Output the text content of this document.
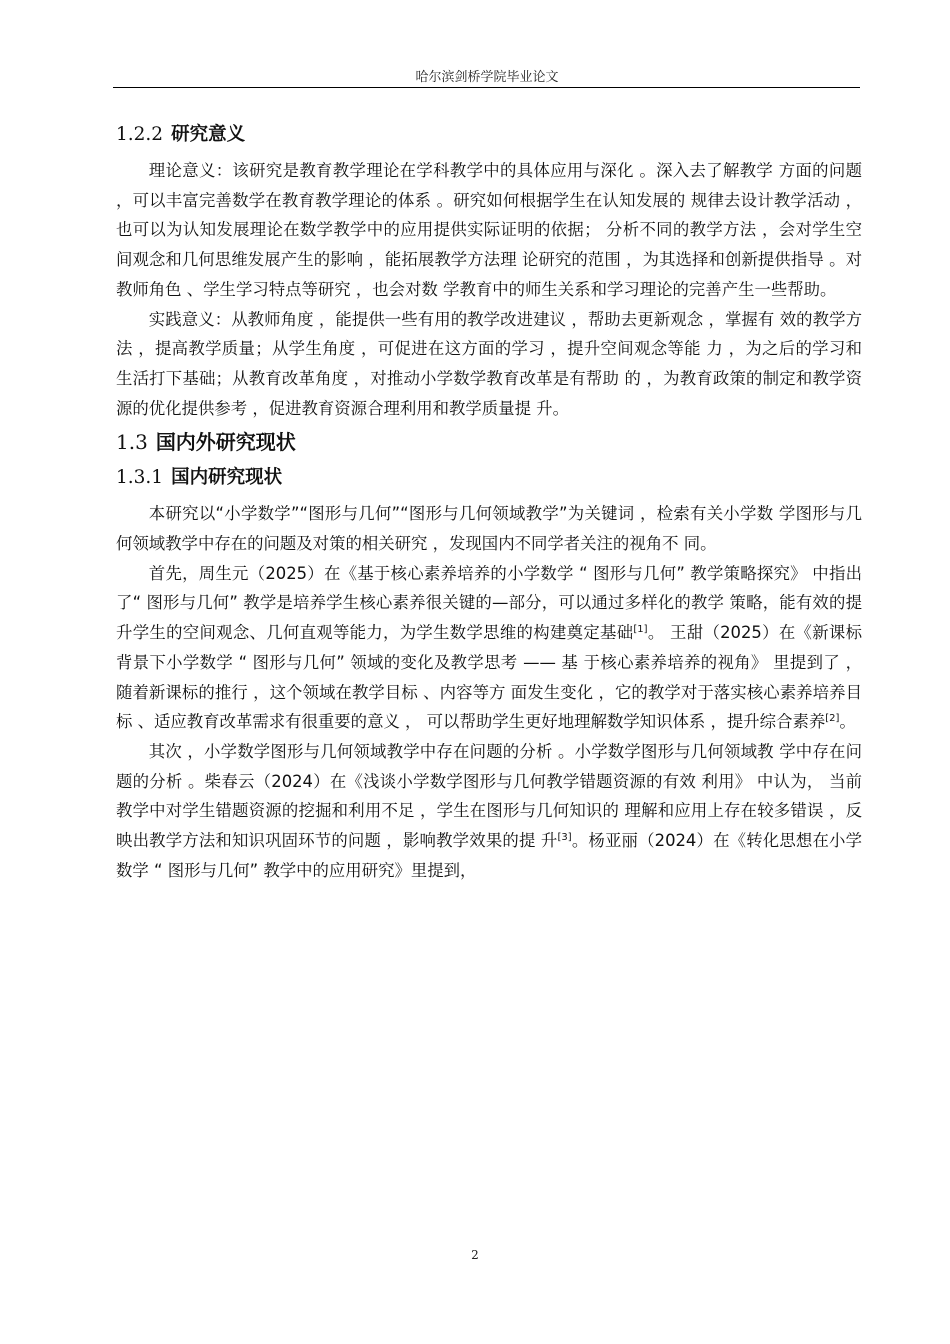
哈尔滨剑桥学院毕业论文
1.2.2 研究意义

理论意义：该研究是教育教学理论在学科教学中的具体应用与深化 。深入去了解教学 方面的问题 ，可以丰富完善数学在教育教学理论的体系 。研究如何根据学生在认知发展的 规律去设计教学活动 ，也可以为认知发展理论在数学教学中的应用提供实际证明的依据； 分析不同的教学方法 ，会对学生空间观念和几何思维发展产生的影响 ，能拓展教学方法理 论研究的范围 ，为其选择和创新提供指导 。对教师角色 、学生学习特点等研究 ，也会对数 学教育中的师生关系和学习理论的完善产生一些帮助。

实践意义：从教师角度 ，能提供一些有用的教学改进建议 ，帮助去更新观念 ，掌握有 效的教学方法 ，提高教学质量；从学生角度 ，可促进在这方面的学习 ，提升空间观念等能 力 ，为之后的学习和生活打下基础；从教育改革角度 ，对推动小学数学教育改革是有帮助 的 ，为教育政策的制定和教学资源的优化提供参考 ，促进教育资源合理利用和教学质量提 升。

1.3 国内外研究现状
1.3.1 国内研究现状

本研究以“小学数学”“图形与几何”“图形与几何领域教学”为关键词 ，检索有关小学数 学图形与几何领域教学中存在的问题及对策的相关研究 ，发现国内不同学者关注的视角不 同。

首先，周生元（2025）在《基于核心素养培养的小学数学 “ 图形与几何” 教学策略探究》 中指出了“ 图形与几何” 教学是培养学生核心素养很关键的—部分，可以通过多样化的教学 策略，能有效的提升学生的空间观念、几何直观等能力，为学生数学思维的构建奠定基础[1]。 王甜（2025）在《新课标背景下小学数学 “ 图形与几何” 领域的变化及教学思考 —— 基 于核心素养培养的视角》 里提到了 ，随着新课标的推行 ，这个领域在教学目标 、内容等方 面发生变化 ，它的教学对于落实核心素养培养目标 、适应教育改革需求有很重要的意义 ， 可以帮助学生更好地理解数学知识体系 ，提升综合素养[2]。

其次 ，小学数学图形与几何领域教学中存在问题的分析 。小学数学图形与几何领域教 学中存在问题的分析 。柴春云（2024）在《浅谈小学数学图形与几何教学错题资源的有效 利用》 中认为， 当前教学中对学生错题资源的挖掘和利用不足 ，学生在图形与几何知识的 理解和应用上存在较多错误 ，反映出教学方法和知识巩固环节的问题 ，影响教学效果的提 升[3]。杨亚丽（2024）在《转化思想在小学数学 “ 图形与几何” 教学中的应用研究》里提到，

2
